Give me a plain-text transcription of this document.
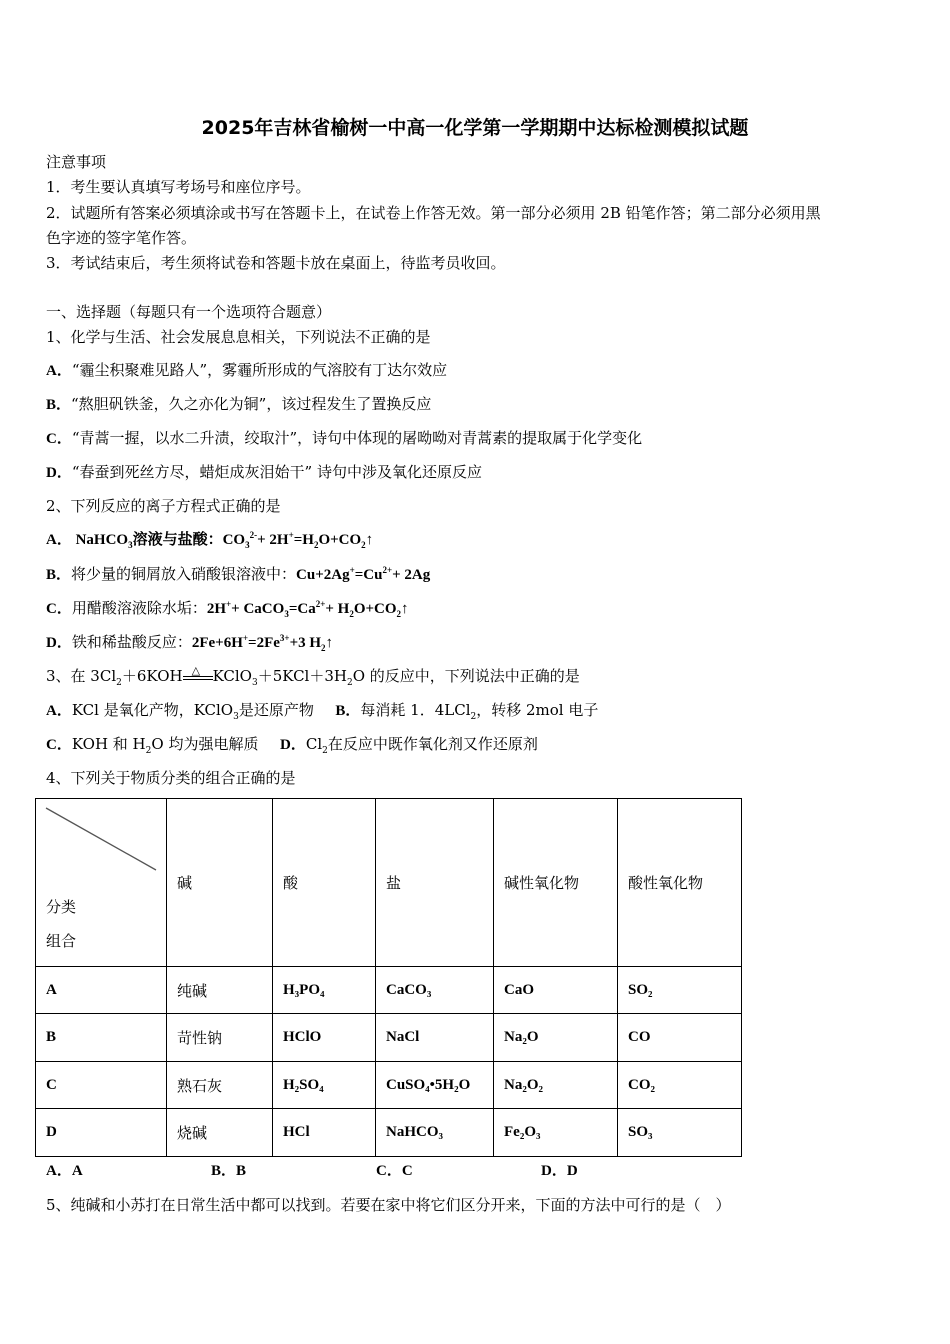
2025年吉林省榆树一中高一化学第一学期期中达标检测模拟试题
注意事项
1．考生要认真填写考场号和座位序号。
2．试题所有答案必须填涂或书写在答题卡上，在试卷上作答无效。第一部分必须用 2B 铅笔作答；第二部分必须用黑
色字迹的签字笔作答。
3．考试结束后，考生须将试卷和答题卡放在桌面上，待监考员收回。
一、选择题（每题只有一个选项符合题意）
1、化学与生活、社会发展息息相关，下列说法不正确的是
A．“霾尘积聚难见路人”，雾霾所形成的气溶胶有丁达尔效应
B．“熬胆矾铁釜，久之亦化为铜”，该过程发生了置换反应
C．“青蒿一握，以水二升渍，绞取汁”，诗句中体现的屠呦呦对青蒿素的提取属于化学变化
D．“春蚕到死丝方尽，蜡炬成灰泪始干” 诗句中涉及氧化还原反应
2、下列反应的离子方程式正确的是
A． NaHCO$_3$溶液与盐酸：$CO_3^{2-}+$ $2H^+=H_2O+CO_2↑$
B．将少量的铜屑放入硝酸银溶液中：$Cu+2Ag^+=Cu^{2+}+ 2Ag$
C．用醋酸溶液除水垢：$2H^++ CaCO_3=Ca^{2+}+$ $H_2O+CO_2↑$
D．铁和稀盐酸反应：$2Fe+6H^+=2Fe^{3+}+3$ $H_2↑$
3、在 $3Cl_2+6KOH$ △ $KClO_3+5KCl+3H_2O$ 的反应中，下列说法中正确的是
A．KCl 是氧化产物，KClO$_3$是还原产物 B．每消耗 1．4LCl$_2$，转移 2mol 电子
C．KOH 和 $H_2O$ 均为强电解质 D．$Cl_2$在反应中既作氧化剂又作还原剂
4、下列关于物质分类的组合正确的是
分类
组合	碱	酸	盐	碱性氧化物	酸性氧化物
A	纯碱	H₃PO₄	CaCO₃	CaO	SO₂
B	苛性钠	HClO	NaCl	Na₂O	CO
C	熟石灰	H₂SO₄	CuSO₄•5H₂O	Na₂O₂	CO₂
D	烧碱	HCl	NaHCO₃	Fe₂O₃	SO₃
A．A	B．B	C．C	D．D
5、纯碱和小苏打在日常生活中都可以找到。若要在家中将它们区分开来，下面的方法中可行的是（　）
